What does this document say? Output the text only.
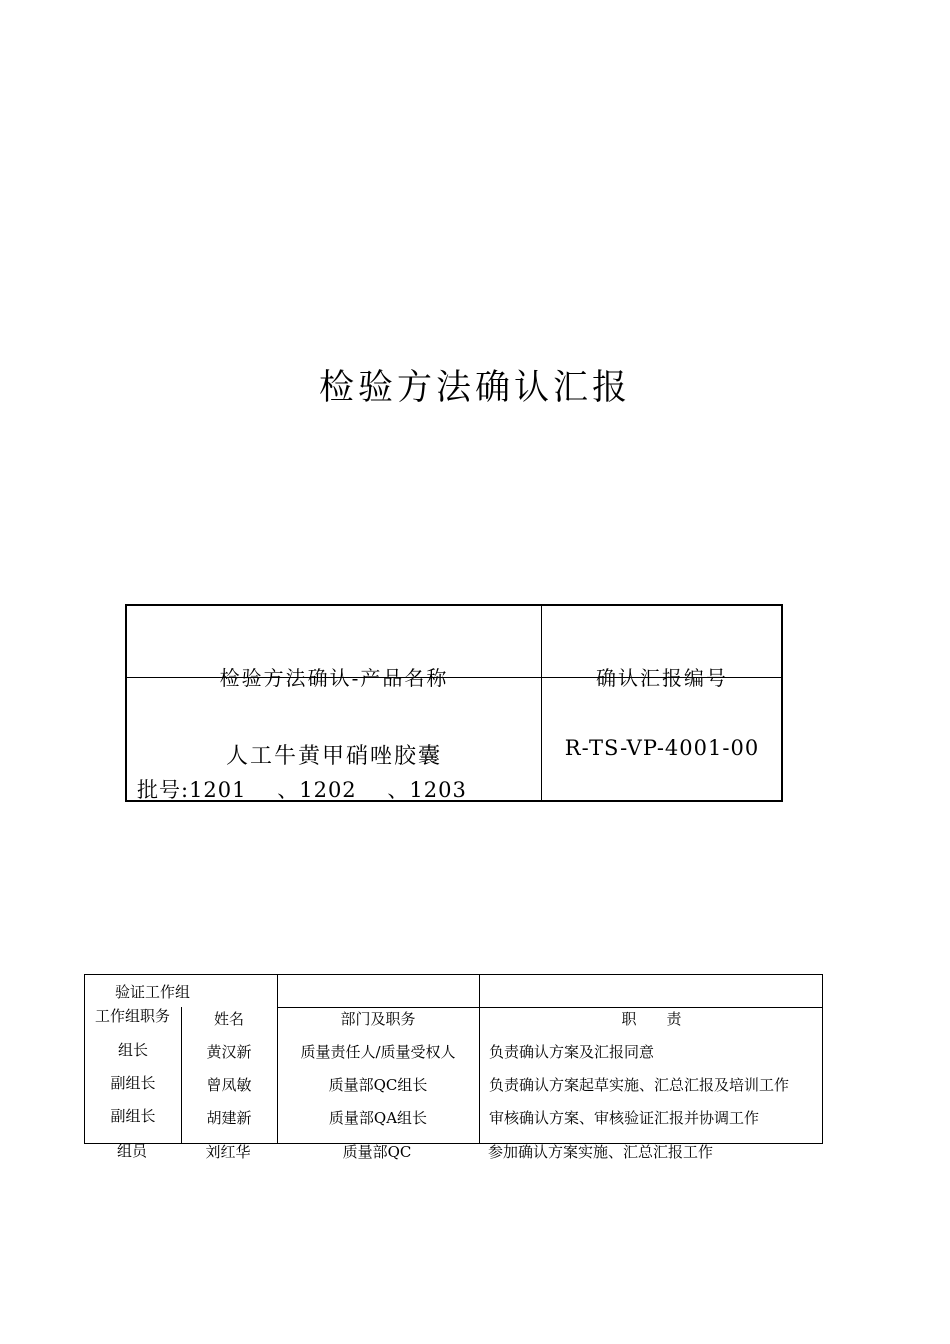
检验方法确认汇报
检验方法确认-产品名称	确认汇报编号
人工牛黄甲硝唑胶囊	R-TS-VP-4001-00
批号:1201    、1202    、1203
验证工作组
工作组职务	姓名	部门及职务	职　　责
组长	黄汉新	质量责任人/质量受权人	负责确认方案及汇报同意
副组长	曾凤敏	质量部QC组长	负责确认方案起草实施、汇总汇报及培训工作
副组长	胡建新	质量部QA组长	审核确认方案、审核验证汇报并协调工作
组员	刘红华	质量部QC	参加确认方案实施、汇总汇报工作
